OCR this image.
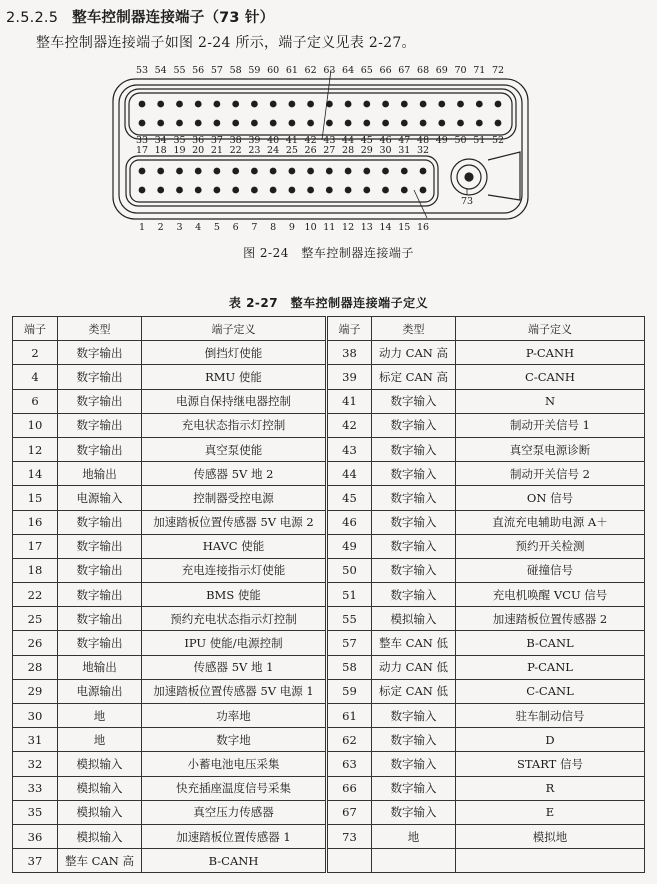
2.5.2.5 整车控制器连接端子（73 针）
整车控制器连接端子如图 2-24 所示，端子定义见表 2-27。
53 54 55 56 57 58 59 60 61 62 63 64 65 66 67 68 69 70 71 72
33 34 35 36 37 38 39 40 41 42 43 44 45 46 47 48 49 50 51 52
17 18 19 20 21 22 23 24 25 26 27 28 29 30 31 32
1 2 3 4 5 6 7 8 9 10 11 12 13 14 15 16
73
图 2-24　整车控制器连接端子
表 2-27　整车控制器连接端子定义
端子	类型	端子定义	端子	类型	端子定义
2	数字输出	倒挡灯使能	38	动力 CAN 高	P-CANH
4	数字输出	RMU 使能	39	标定 CAN 高	C-CANH
6	数字输出	电源自保持继电器控制	41	数字输入	N
10	数字输出	充电状态指示灯控制	42	数字输入	制动开关信号 1
12	数字输出	真空泵使能	43	数字输入	真空泵电源诊断
14	地输出	传感器 5V 地 2	44	数字输入	制动开关信号 2
15	电源输入	控制器受控电源	45	数字输入	ON 信号
16	数字输出	加速踏板位置传感器 5V 电源 2	46	数字输入	直流充电辅助电源 A＋
17	数字输出	HAVC 使能	49	数字输入	预约开关检测
18	数字输出	充电连接指示灯使能	50	数字输入	碰撞信号
22	数字输出	BMS 使能	51	数字输入	充电机唤醒 VCU 信号
25	数字输出	预约充电状态指示灯控制	55	模拟输入	加速踏板位置传感器 2
26	数字输出	IPU 使能/电源控制	57	整车 CAN 低	B-CANL
28	地输出	传感器 5V 地 1	58	动力 CAN 低	P-CANL
29	电源输出	加速踏板位置传感器 5V 电源 1	59	标定 CAN 低	C-CANL
30	地	功率地	61	数字输入	驻车制动信号
31	地	数字地	62	数字输入	D
32	模拟输入	小蓄电池电压采集	63	数字输入	START 信号
33	模拟输入	快充插座温度信号采集	66	数字输入	R
35	模拟输入	真空压力传感器	67	数字输入	E
36	模拟输入	加速踏板位置传感器 1	73	地	模拟地
37	整车 CAN 高	B-CANH			
